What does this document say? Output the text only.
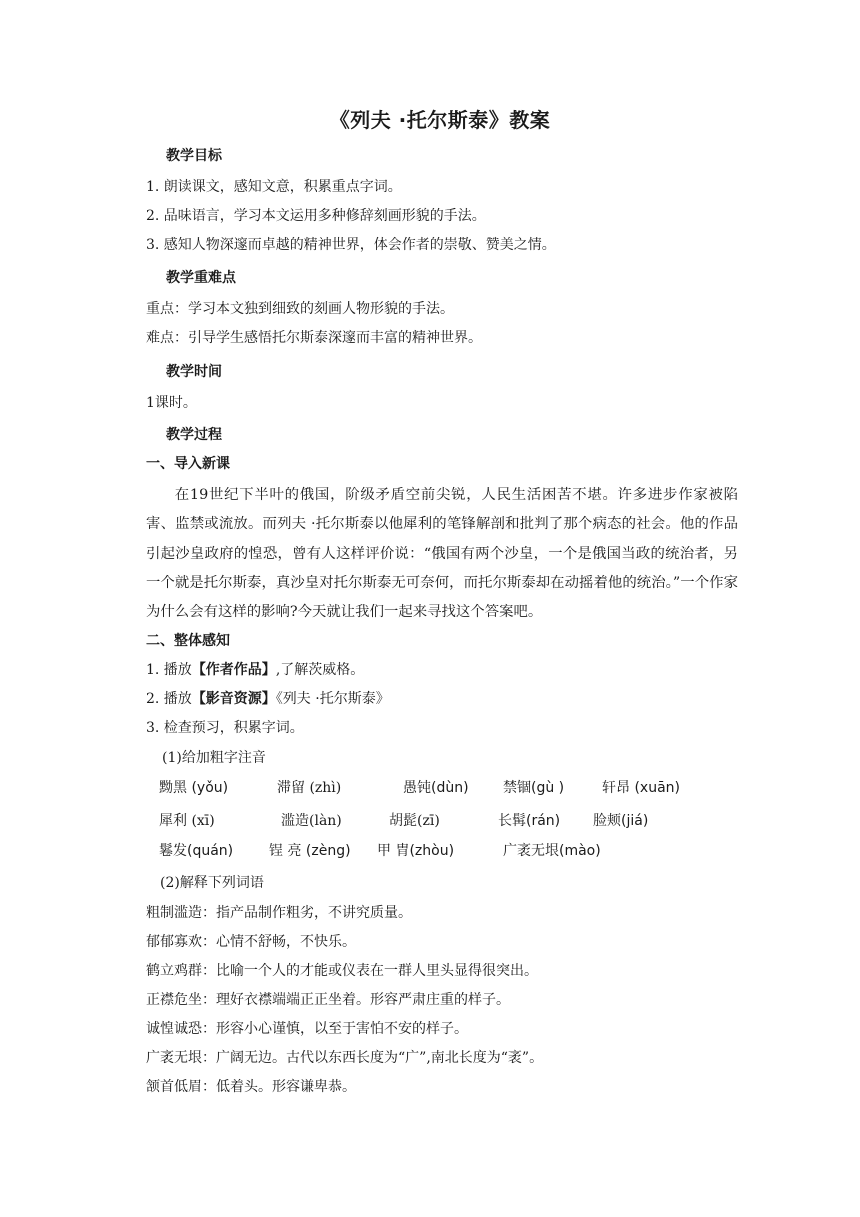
《列夫 ·托尔斯泰》教案
教学目标
1. 朗读课文，感知文意，积累重点字词。
2. 品味语言，学习本文运用多种修辞刻画形貌的手法。
3. 感知人物深邃而卓越的精神世界，体会作者的崇敬、赞美之情。
教学重难点
重点：学习本文独到细致的刻画人物形貌的手法。
难点：引导学生感悟托尔斯泰深邃而丰富的精神世界。
教学时间
1课时。
教学过程
一、导入新课
在19世纪下半叶的俄国，阶级矛盾空前尖锐，人民生活困苦不堪。许多进步作家被陷害、监禁或流放。而列夫 ·托尔斯泰以他犀利的笔锋解剖和批判了那个病态的社会。他的作品引起沙皇政府的惶恐，曾有人这样评价说：“俄国有两个沙皇，一个是俄国当政的统治者，另一个就是托尔斯泰，真沙皇对托尔斯泰无可奈何，而托尔斯泰却在动摇着他的统治。”一个作家为什么会有这样的影响?今天就让我们一起来寻找这个答案吧。
二、整体感知
1. 播放【作者作品】,了解茨威格。
2. 播放【影音资源】《列夫 ·托尔斯泰》
3. 检查预习，积累字词。
(1)给加粗字注音
黝黑 (yǒu)	滞留 (zhì)	愚钝(dùn) 禁锢(gù )	轩昂 (xuān)
犀利 (xī)	滥造(làn)	胡髭(zī)	长髯(rán) 脸颊(jiá)
鬈发(quán)	锃 亮 (zèng) 甲 胄(zhòu)	广袤无垠(mào)
(2)解释下列词语
粗制滥造：指产品制作粗劣，不讲究质量。
郁郁寡欢：心情不舒畅，不快乐。
鹤立鸡群：比喻一个人的才能或仪表在一群人里头显得很突出。
正襟危坐：理好衣襟端端正正坐着。形容严肃庄重的样子。
诚惶诚恐：形容小心谨慎，以至于害怕不安的样子。
广袤无垠：广阔无边。古代以东西长度为“广”,南北长度为“袤”。
颔首低眉：低着头。形容谦卑恭。
